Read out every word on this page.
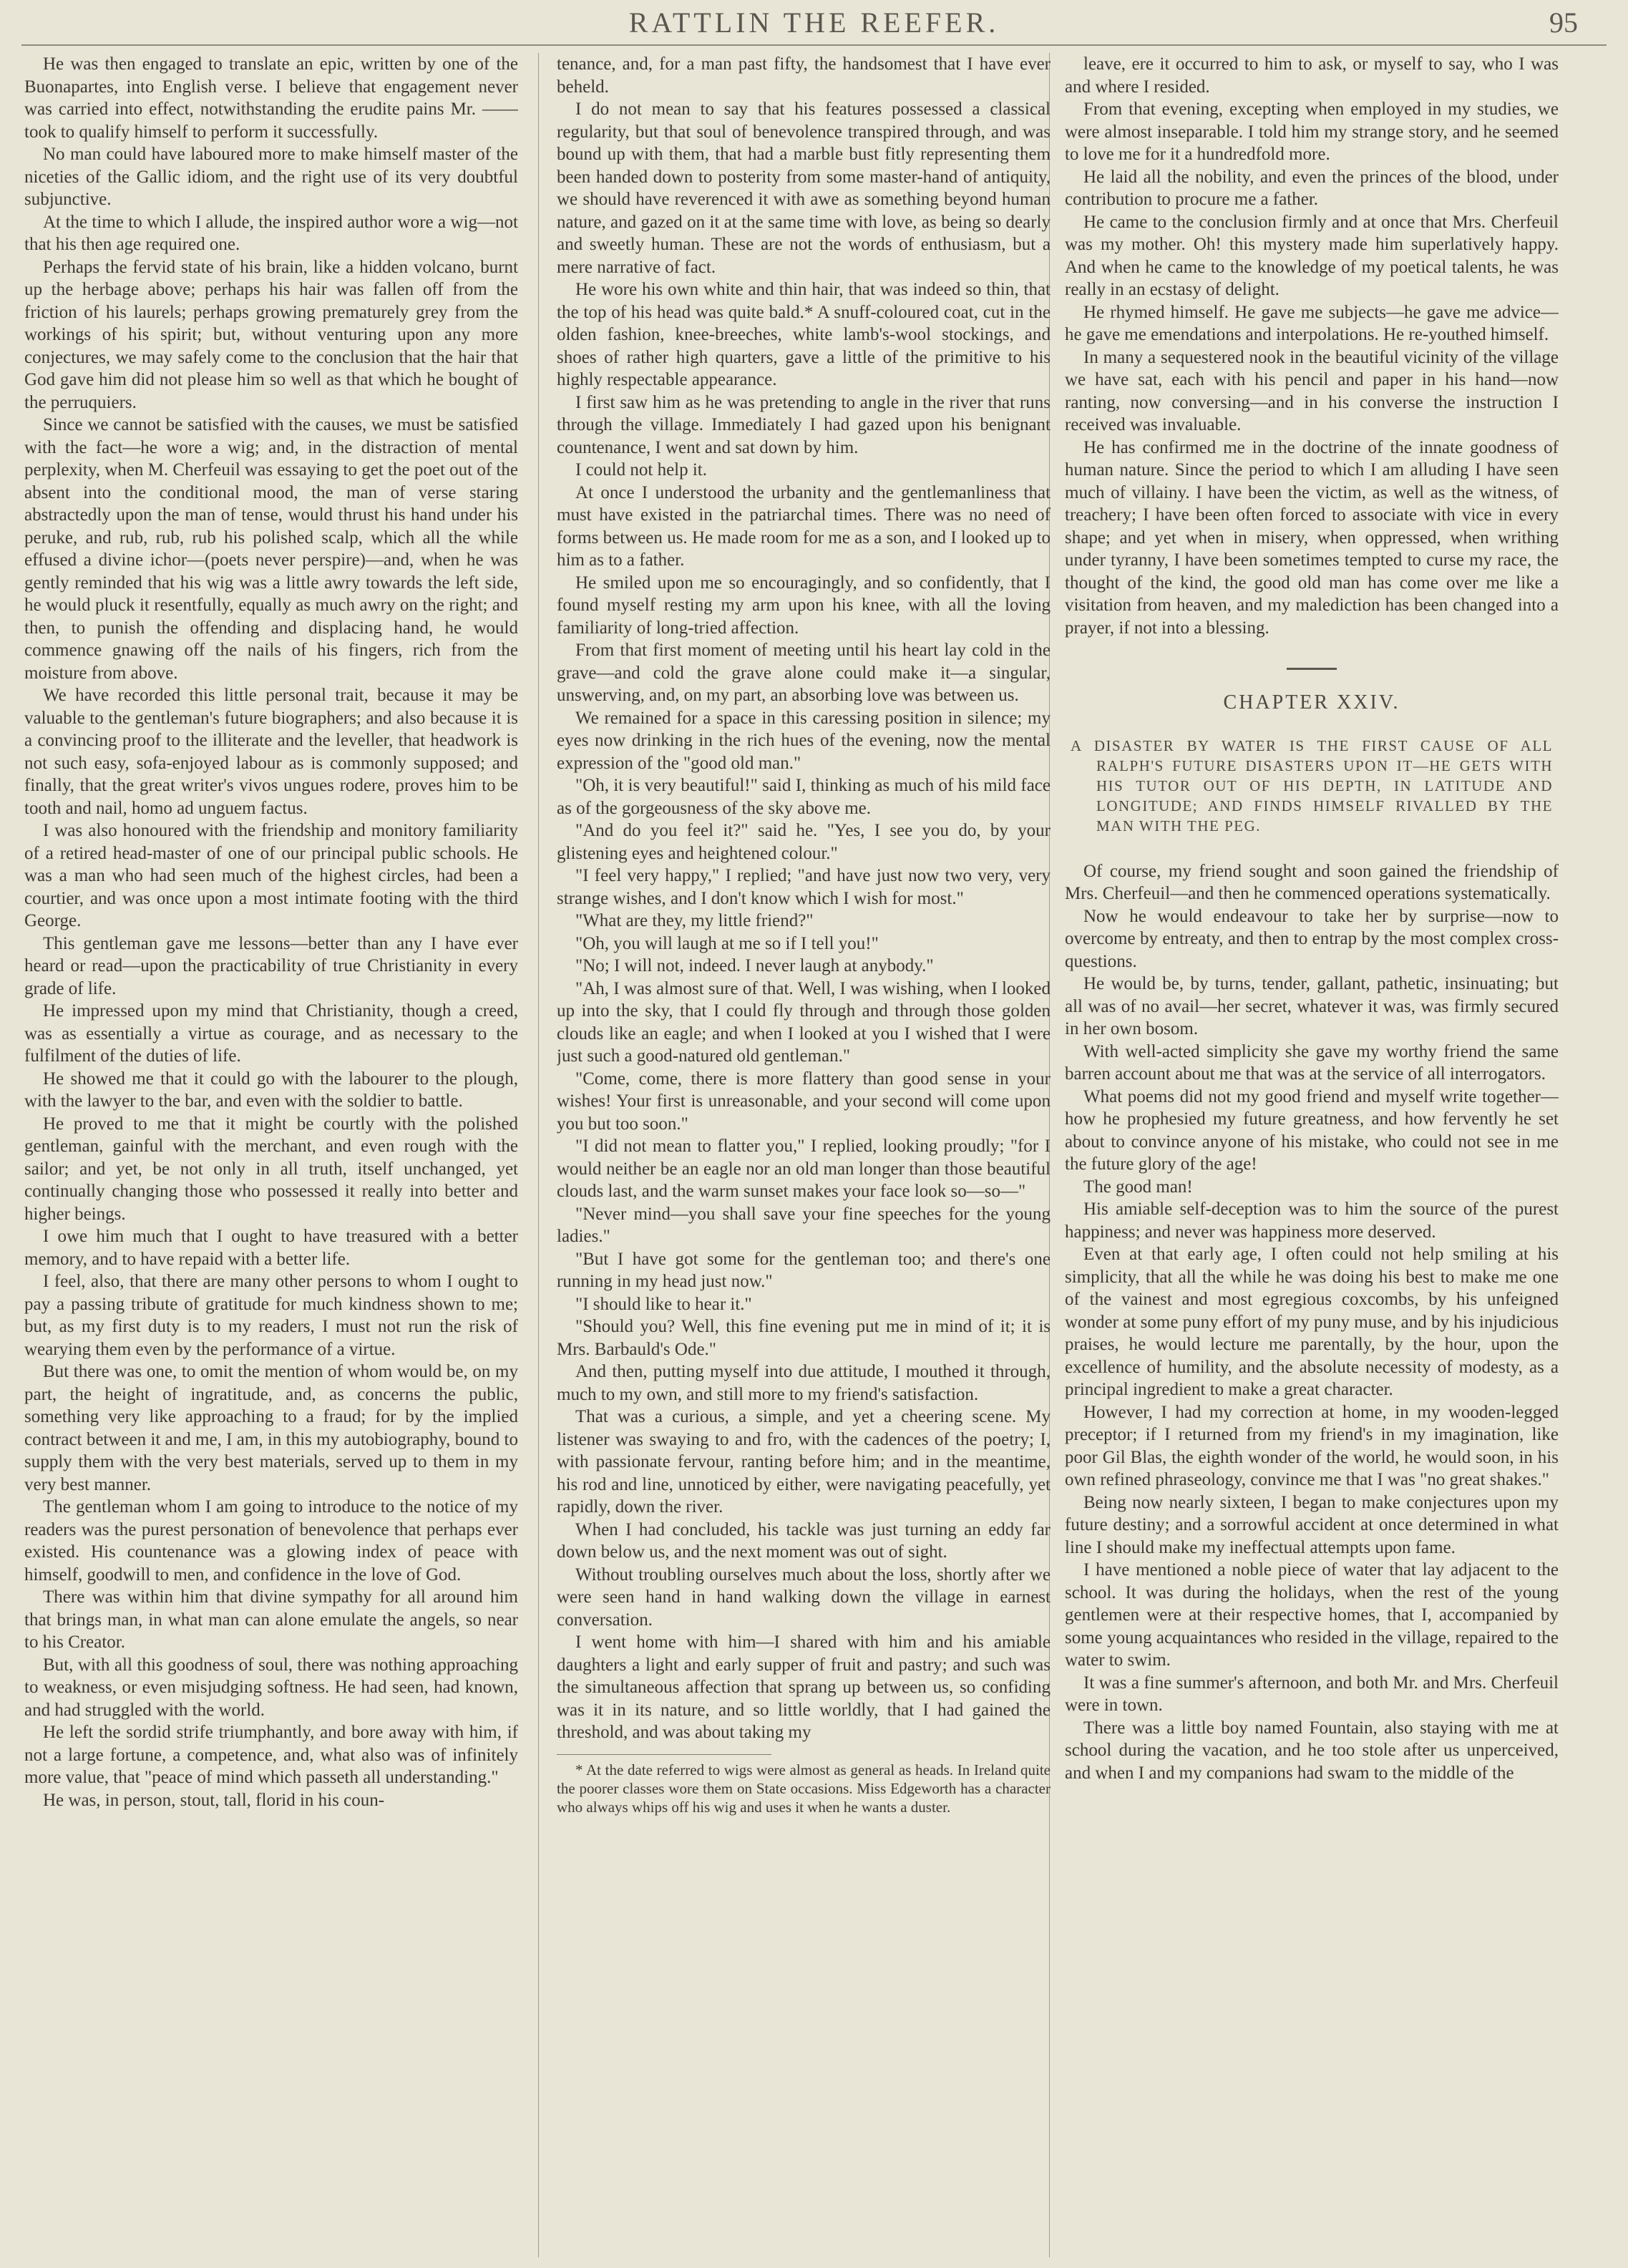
RATTLIN THE REEFER.	95

He was then engaged to translate an epic, written by one of the Buonapartes, into English verse. I believe that engagement never was carried into effect, notwithstanding the erudite pains Mr. —— took to qualify himself to perform it successfully.

No man could have laboured more to make himself master of the niceties of the Gallic idiom, and the right use of its very doubtful subjunctive.

At the time to which I allude, the inspired author wore a wig—not that his then age required one.

Perhaps the fervid state of his brain, like a hidden volcano, burnt up the herbage above; perhaps his hair was fallen off from the friction of his laurels; perhaps growing prematurely grey from the workings of his spirit; but, without venturing upon any more conjectures, we may safely come to the conclusion that the hair that God gave him did not please him so well as that which he bought of the perruquiers.

Since we cannot be satisfied with the causes, we must be satisfied with the fact—he wore a wig; and, in the distraction of mental perplexity, when M. Cherfeuil was essaying to get the poet out of the absent into the conditional mood, the man of verse staring abstractedly upon the man of tense, would thrust his hand under his peruke, and rub, rub, rub his polished scalp, which all the while effused a divine ichor—(poets never perspire)—and, when he was gently reminded that his wig was a little awry towards the left side, he would pluck it resentfully, equally as much awry on the right; and then, to punish the offending and displacing hand, he would commence gnawing off the nails of his fingers, rich from the moisture from above.

We have recorded this little personal trait, because it may be valuable to the gentleman's future biographers; and also because it is a convincing proof to the illiterate and the leveller, that headwork is not such easy, sofa-enjoyed labour as is commonly supposed; and finally, that the great writer's vivos ungues rodere, proves him to be tooth and nail, homo ad unguem factus.

I was also honoured with the friendship and monitory familiarity of a retired head-master of one of our principal public schools. He was a man who had seen much of the highest circles, had been a courtier, and was once upon a most intimate footing with the third George.

This gentleman gave me lessons—better than any I have ever heard or read—upon the practicability of true Christianity in every grade of life.

He impressed upon my mind that Christianity, though a creed, was as essentially a virtue as courage, and as necessary to the fulfilment of the duties of life.

He showed me that it could go with the labourer to the plough, with the lawyer to the bar, and even with the soldier to battle.

He proved to me that it might be courtly with the polished gentleman, gainful with the merchant, and even rough with the sailor; and yet, be not only in all truth, itself unchanged, yet continually changing those who possessed it really into better and higher beings.

I owe him much that I ought to have treasured with a better memory, and to have repaid with a better life.

I feel, also, that there are many other persons to whom I ought to pay a passing tribute of gratitude for much kindness shown to me; but, as my first duty is to my readers, I must not run the risk of wearying them even by the performance of a virtue.

But there was one, to omit the mention of whom would be, on my part, the height of ingratitude, and, as concerns the public, something very like approaching to a fraud; for by the implied contract between it and me, I am, in this my autobiography, bound to supply them with the very best materials, served up to them in my very best manner.

The gentleman whom I am going to introduce to the notice of my readers was the purest personation of benevolence that perhaps ever existed. His countenance was a glowing index of peace with himself, goodwill to men, and confidence in the love of God.

There was within him that divine sympathy for all around him that brings man, in what man can alone emulate the angels, so near to his Creator.

But, with all this goodness of soul, there was nothing approaching to weakness, or even misjudging softness. He had seen, had known, and had struggled with the world.

He left the sordid strife triumphantly, and bore away with him, if not a large fortune, a competence, and, what also was of infinitely more value, that "peace of mind which passeth all understanding."

He was, in person, stout, tall, florid in his coun-

tenance, and, for a man past fifty, the handsomest that I have ever beheld.

I do not mean to say that his features possessed a classical regularity, but that soul of benevolence transpired through, and was bound up with them, that had a marble bust fitly representing them been handed down to posterity from some master-hand of antiquity, we should have reverenced it with awe as something beyond human nature, and gazed on it at the same time with love, as being so dearly and sweetly human. These are not the words of enthusiasm, but a mere narrative of fact.

He wore his own white and thin hair, that was indeed so thin, that the top of his head was quite bald.* A snuff-coloured coat, cut in the olden fashion, knee-breeches, white lamb's-wool stockings, and shoes of rather high quarters, gave a little of the primitive to his highly respectable appearance.

I first saw him as he was pretending to angle in the river that runs through the village. Immediately I had gazed upon his benignant countenance, I went and sat down by him.

I could not help it.

At once I understood the urbanity and the gentlemanliness that must have existed in the patriarchal times. There was no need of forms between us. He made room for me as a son, and I looked up to him as to a father.

He smiled upon me so encouragingly, and so confidently, that I found myself resting my arm upon his knee, with all the loving familiarity of long-tried affection.

From that first moment of meeting until his heart lay cold in the grave—and cold the grave alone could make it—a singular, unswerving, and, on my part, an absorbing love was between us.

We remained for a space in this caressing position in silence; my eyes now drinking in the rich hues of the evening, now the mental expression of the "good old man."

"Oh, it is very beautiful!" said I, thinking as much of his mild face as of the gorgeousness of the sky above me.

"And do you feel it?" said he. "Yes, I see you do, by your glistening eyes and heightened colour."

"I feel very happy," I replied; "and have just now two very, very strange wishes, and I don't know which I wish for most."

"What are they, my little friend?"

"Oh, you will laugh at me so if I tell you!"

"No; I will not, indeed. I never laugh at anybody."

"Ah, I was almost sure of that. Well, I was wishing, when I looked up into the sky, that I could fly through and through those golden clouds like an eagle; and when I looked at you I wished that I were just such a good-natured old gentleman."

"Come, come, there is more flattery than good sense in your wishes! Your first is unreasonable, and your second will come upon you but too soon."

"I did not mean to flatter you," I replied, looking proudly; "for I would neither be an eagle nor an old man longer than those beautiful clouds last, and the warm sunset makes your face look so—so—"

"Never mind—you shall save your fine speeches for the young ladies."

"But I have got some for the gentleman too; and there's one running in my head just now."

"I should like to hear it."

"Should you? Well, this fine evening put me in mind of it; it is Mrs. Barbauld's Ode."

And then, putting myself into due attitude, I mouthed it through, much to my own, and still more to my friend's satisfaction.

That was a curious, a simple, and yet a cheering scene. My listener was swaying to and fro, with the cadences of the poetry; I, with passionate fervour, ranting before him; and in the meantime, his rod and line, unnoticed by either, were navigating peacefully, yet rapidly, down the river.

When I had concluded, his tackle was just turning an eddy far down below us, and the next moment was out of sight.

Without troubling ourselves much about the loss, shortly after we were seen hand in hand walking down the village in earnest conversation.

I went home with him—I shared with him and his amiable daughters a light and early supper of fruit and pastry; and such was the simultaneous affection that sprang up between us, so confiding was it in its nature, and so little worldly, that I had gained the threshold, and was about taking my

* At the date referred to wigs were almost as general as heads. In Ireland quite the poorer classes wore them on State occasions. Miss Edgeworth has a character who always whips off his wig and uses it when he wants a duster.

leave, ere it occurred to him to ask, or myself to say, who I was and where I resided.

From that evening, excepting when employed in my studies, we were almost inseparable. I told him my strange story, and he seemed to love me for it a hundredfold more.

He laid all the nobility, and even the princes of the blood, under contribution to procure me a father.

He came to the conclusion firmly and at once that Mrs. Cherfeuil was my mother. Oh! this mystery made him superlatively happy. And when he came to the knowledge of my poetical talents, he was really in an ecstasy of delight.

He rhymed himself. He gave me subjects—he gave me advice—he gave me emendations and interpolations. He re-youthed himself.

In many a sequestered nook in the beautiful vicinity of the village we have sat, each with his pencil and paper in his hand—now ranting, now conversing—and in his converse the instruction I received was invaluable.

He has confirmed me in the doctrine of the innate goodness of human nature. Since the period to which I am alluding I have seen much of villainy. I have been the victim, as well as the witness, of treachery; I have been often forced to associate with vice in every shape; and yet when in misery, when oppressed, when writhing under tyranny, I have been sometimes tempted to curse my race, the thought of the kind, the good old man has come over me like a visitation from heaven, and my malediction has been changed into a prayer, if not into a blessing.

CHAPTER XXIV.
A DISASTER BY WATER IS THE FIRST CAUSE OF ALL RALPH'S FUTURE DISASTERS UPON IT—HE GETS WITH HIS TUTOR OUT OF HIS DEPTH, IN LATITUDE AND LONGITUDE; AND FINDS HIMSELF RIVALLED BY THE MAN WITH THE PEG.

Of course, my friend sought and soon gained the friendship of Mrs. Cherfeuil—and then he commenced operations systematically.

Now he would endeavour to take her by surprise—now to overcome by entreaty, and then to entrap by the most complex cross-questions.

He would be, by turns, tender, gallant, pathetic, insinuating; but all was of no avail—her secret, whatever it was, was firmly secured in her own bosom.

With well-acted simplicity she gave my worthy friend the same barren account about me that was at the service of all interrogators.

What poems did not my good friend and myself write together—how he prophesied my future greatness, and how fervently he set about to convince anyone of his mistake, who could not see in me the future glory of the age!

The good man!

His amiable self-deception was to him the source of the purest happiness; and never was happiness more deserved.

Even at that early age, I often could not help smiling at his simplicity, that all the while he was doing his best to make me one of the vainest and most egregious coxcombs, by his unfeigned wonder at some puny effort of my puny muse, and by his injudicious praises, he would lecture me parentally, by the hour, upon the excellence of humility, and the absolute necessity of modesty, as a principal ingredient to make a great character.

However, I had my correction at home, in my wooden-legged preceptor; if I returned from my friend's in my imagination, like poor Gil Blas, the eighth wonder of the world, he would soon, in his own refined phraseology, convince me that I was "no great shakes."

Being now nearly sixteen, I began to make conjectures upon my future destiny; and a sorrowful accident at once determined in what line I should make my ineffectual attempts upon fame.

I have mentioned a noble piece of water that lay adjacent to the school. It was during the holidays, when the rest of the young gentlemen were at their respective homes, that I, accompanied by some young acquaintances who resided in the village, repaired to the water to swim.

It was a fine summer's afternoon, and both Mr. and Mrs. Cherfeuil were in town.

There was a little boy named Fountain, also staying with me at school during the vacation, and he too stole after us unperceived, and when I and my companions had swam to the middle of the
